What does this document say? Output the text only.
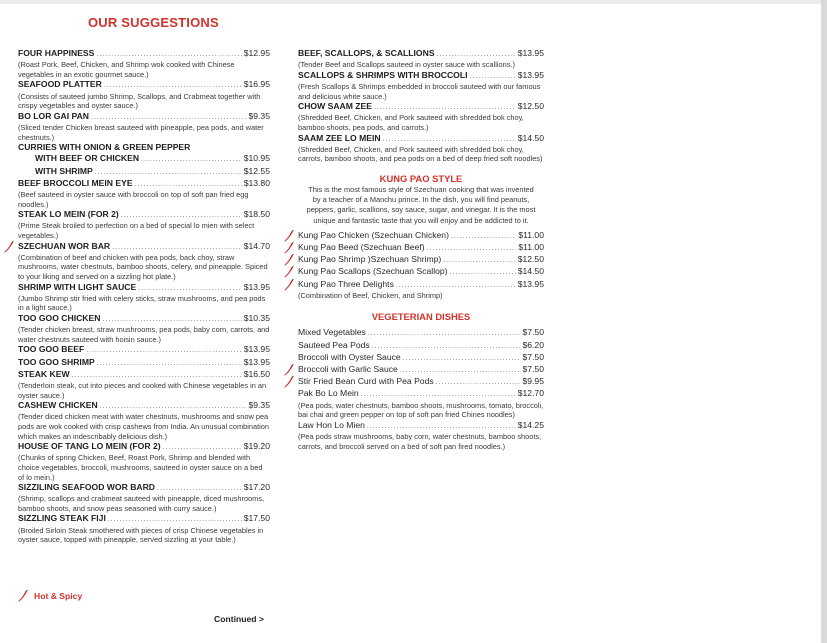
OUR SUGGESTIONS
FOUR HAPPINESS .....	$12.95
(Roast Pork, Beef, Chicken, and Shrimp wok cooked with Chinese vegetables in an exotic gourmet sauce.)
SEAFOOD PLATTER .....	$16.95
(Consists of sauteed jumbo Shrimp, Scallops, and Crabmeat together with crispy vegetables and oyster sauce.)
BO LOR GAI PAN .....	$9.35
(Sliced tender Chicken breast sauteed with pineapple, pea pods, and water chestnuts.)
CURRIES WITH ONION & GREEN PEPPER
WITH BEEF OR CHICKEN .....	$10.95
WITH SHRIMP .....	$12.55
BEEF BROCCOLI MEIN EYE .....	$13.80
(Beef sauteed in oyster sauce with broccoli on top of soft pan fried egg noodles.)
STEAK LO MEIN (FOR 2) .....	$18.50
(Prime Steak broiled to perfection on a bed of special lo mien with select vegetables.)
SZECHUAN WOR BAR .....	$14.70
(Combination of beef and chicken with pea pods, back choy, straw mushrooms, water chestnuts, bamboo shoots, celery, and pineapple. Spiced to your liking and served on a sizzling hot plate.)
SHRIMP WITH LIGHT SAUCE .....	$13.95
(Jumbo Shrimp stir fried with celery sticks, straw mushrooms, and pea pods in a light sauce.)
TOO GOO CHICKEN .....	$10.35
(Tender chicken breast, straw mushrooms, pea pods, baby corn, carrots, and water chestnuts sauteed with hoisin sauce.)
TOO GOO BEEF .....	$13.95
TOO GOO SHRIMP .....	$13.95
STEAK KEW .....	$16.50
(Tenderloin steak, cut into pieces and cooked with Chinese vegetables in an oyster sauce.)
CASHEW CHICKEN .....	$9.35
(Tender diced chicken meat with water chestnuts, mushrooms and snow pea pods are wok cooked with crisp cashews from India. An unusual combination which makes an indescribably delicious dish.)
HOUSE OF TANG LO MEIN (FOR 2) .....	$19.20
(Chunks of spring Chicken, Beef, Roast Pork, Shrimp and blended with choice vegetables, broccoli, mushrooms, sauteed in oyster sauce on a bed of lo mein.)
SIZZILING SEAFOOD WOR BARD .....	$17.20
(Shrimp, scallops and crabmeat sauteed with pineapple, diced mushrooms, bamboo shoots, and snow peas seasoned with curry sauce.)
SIZZLING STEAK FIJI .....	$17.50
(Broiled Sirloin Steak smothered with pieces of crisp Chinese vegetables in oyster sauce, topped with pineapple, served sizzling at your table.)
BEEF, SCALLOPS, & SCALLIONS .....	$13.95
(Tender Beef and Scallops sauteed in oyster sauce with scallions.)
SCALLOPS & SHRIMPS WITH BROCCOLI .....	$13.95
(Fresh Scallops & Shrimps embedded in broccoli sauteed with our famous and delicious white sauce.)
CHOW SAAM ZEE .....	$12.50
(Shredded Beef, Chicken, and Pork sauteed with shredded bok choy, bamboo shoots, pea pods, and carrots.)
SAAM ZEE LO MEIN .....	$14.50
(Shredded Beef, Chicken, and Pork sauteed with shredded bok choy, carrots, bamboo shoots, and pea pods on a bed of deep fried soft noodles)
KUNG PAO STYLE
This is the most famous style of Szechuan cooking that was invented by a teacher of a Manchu prince. In the dish, you will find peanuts, peppers, garlic, scallions, soy sauce, sugar, and vinegar. It is the most unique and fantastic taste that you will enjoy and be addicted to it.
Kung Pao Chicken (Szechuan Chicken) .....	$11.00
Kung Pao Beed (Szechuan Beef) .....	$11.00
Kung Pao Shrimp )Szechuan Shrimp) .....	$12.50
Kung Pao Scallops (Szechuan Scallop) .....	$14.50
Kung Pao Three Delights .....	$13.95
(Combination of Beef, Chicken, and Shrimp)
VEGETERIAN DISHES
Mixed Vegetables .....	$7.50
Sauteed Pea Pods .....	$6.20
Broccoli with Oyster Sauce .....	$7.50
Broccoli with Garlic Sauce .....	$7.50
Stir Fried Bean Curd with Pea Pods .....	$9.95
Pak Bo Lo Mein .....	$12.70
(Pea pods, water chestnuts, bamboo shoots, mushrooms, tomato, broccoli, bai chai and green pepper on top of soft pan fried Chines noodles)
Law Hon Lo Mien .....	$14.25
(Pea pods straw mushrooms, baby corn, water chestnuts, bamboo shoots, carrots, and broccoli served on a bed of soft pan fired noodles.)
Hot & Spicy
Continued >
